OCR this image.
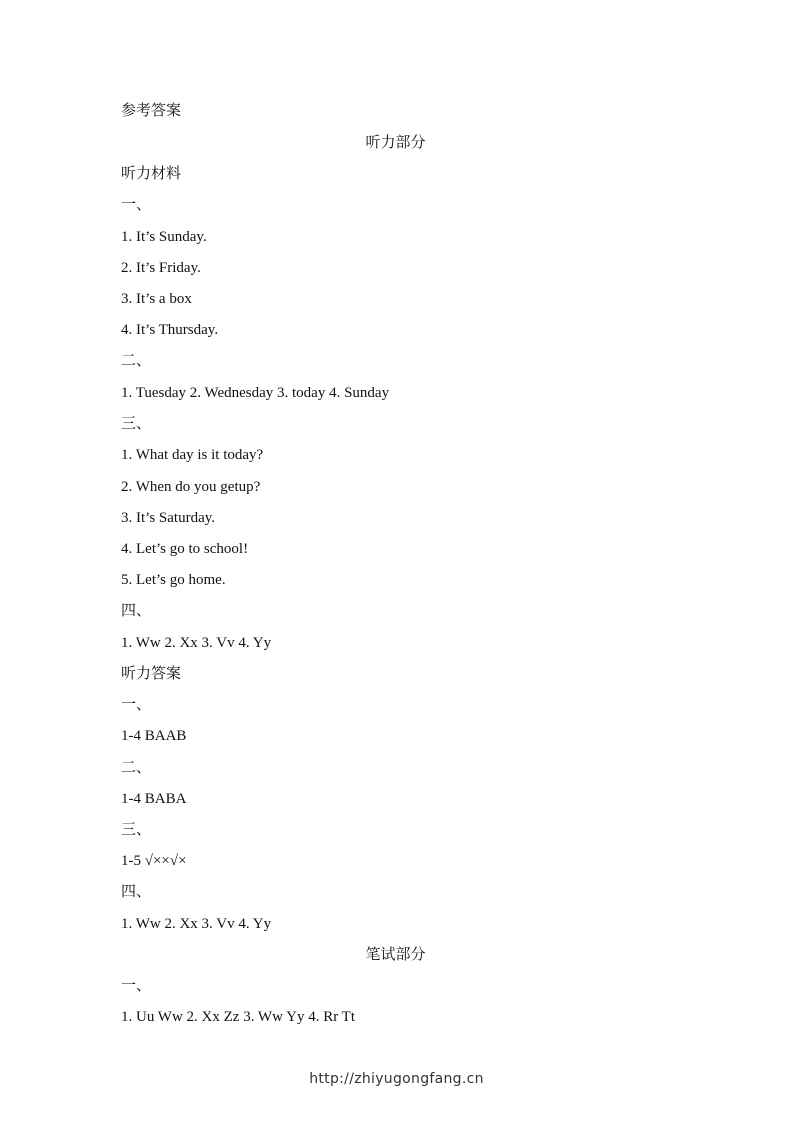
参考答案
听力部分
听力材料
一、
1. It’s Sunday.
2. It’s Friday.
3. It’s a box
4. It’s Thursday.
二、
1. Tuesday 2. Wednesday 3. today 4. Sunday
三、
1. What day is it today?
2. When do you getup?
3. It’s Saturday.
4. Let’s go to school!
5. Let’s go home.
四、
1. Ww 2. Xx 3. Vv 4. Yy
听力答案
一、
1-4 BAAB
二、
1-4 BABA
三、
1-5 √××√×
四、
1. Ww 2. Xx 3. Vv 4. Yy
笔试部分
一、
1. Uu Ww 2. Xx Zz 3. Ww Yy 4. Rr Tt
http://zhiyugongfang.cn
